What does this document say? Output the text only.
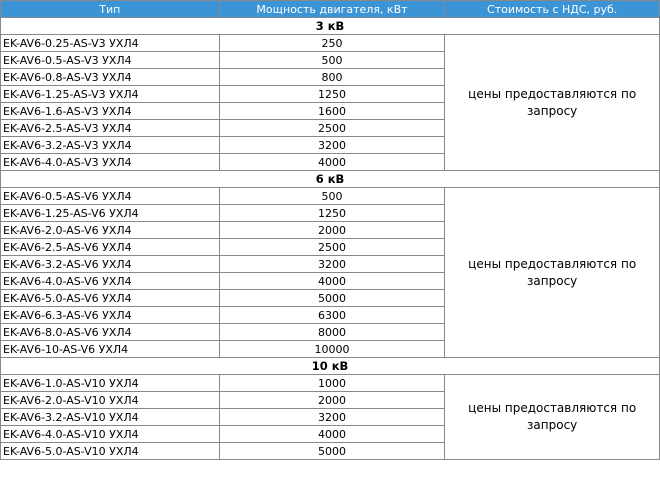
Тип	Мощность двигателя, кВт	Стоимость с НДС, руб.
3 кВ		
EK-AV6-0.25-AS-V3 УХЛ4	250	цены предоставляются по запросу
EK-AV6-0.5-AS-V3 УХЛ4	500	
EK-AV6-0.8-AS-V3 УХЛ4	800	
EK-AV6-1.25-AS-V3 УХЛ4	1250	
EK-AV6-1.6-AS-V3 УХЛ4	1600	
EK-AV6-2.5-AS-V3 УХЛ4	2500	
EK-AV6-3.2-AS-V3 УХЛ4	3200	
EK-AV6-4.0-AS-V3 УХЛ4	4000	
6 кВ		
EK-AV6-0.5-AS-V6 УХЛ4	500	цены предоставляются по запросу
EK-AV6-1.25-AS-V6 УХЛ4	1250	
EK-AV6-2.0-AS-V6 УХЛ4	2000	
EK-AV6-2.5-AS-V6 УХЛ4	2500	
EK-AV6-3.2-AS-V6 УХЛ4	3200	
EK-AV6-4.0-AS-V6 УХЛ4	4000	
EK-AV6-5.0-AS-V6 УХЛ4	5000	
EK-AV6-6.3-AS-V6 УХЛ4	6300	
EK-AV6-8.0-AS-V6 УХЛ4	8000	
EK-AV6-10-AS-V6 УХЛ4	10000	
10 кВ		
EK-AV6-1.0-AS-V10 УХЛ4	1000	цены предоставляются по запросу
EK-AV6-2.0-AS-V10 УХЛ4	2000	
EK-AV6-3.2-AS-V10 УХЛ4	3200	
EK-AV6-4.0-AS-V10 УХЛ4	4000	
EK-AV6-5.0-AS-V10 УХЛ4	5000	
